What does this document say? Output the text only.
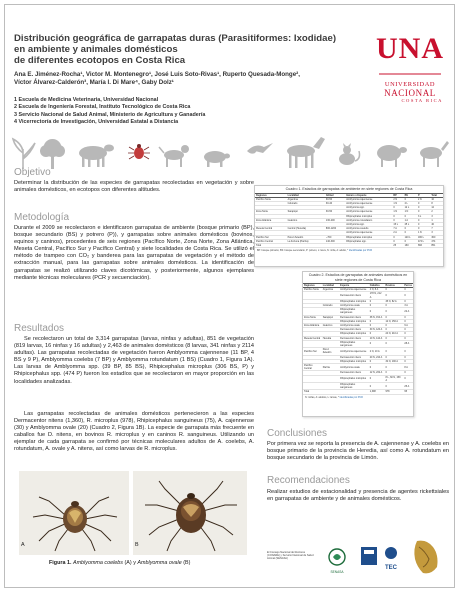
Distribución geográfica de garrapatas duras (Parasitiformes: Ixodidae)
en ambiente y animales domésticos
de diferentes ecotopos en Costa Rica
Ana E. Jiménez-Rocha¹, Victor M. Montenegro¹, José Luis Soto-Rivas¹, Ruperto Quesada-Monge²,
Víctor Álvarez-Calderón³, María I. Di Mare⁴, Gaby Dolz¹
1 Escuela de Medicina Veterinaria, Universidad Nacional
2 Escuela de Ingeniería Forestal, Instituto Tecnológico de Costa Rica
3 Servicio Nacional de Salud Animal, Ministerio de Agricultura y Ganadería
4 Vicerrectoría de Investigación, Universidad Estatal a Distancia
UNA
UNIVERSIDAD
NACIONAL
COSTA RICA
Objetivo
Determinar la distribución de las especies de garrapatas recolectadas en vegetación y sobre animales domésticos, en ecotopos con diferentes altitudes.
Metodología
Durante el 2009 se recolectaron e identificaron garrapatas de ambiente (bosque primario (BP), bosque secundario (BS) y potrero (P)), y garrapatas sobre animales domésticos (bovinos, equinos y caninos), procedentes de seis regiones (Pacífico Norte, Zona Norte, Zona Atlántica, Meseta Central, Pacífico Sur y Pacífico Central) y siete localidades de Costa Rica. Se utilizó el método de trampeo con CO₂ y banderea para las garrapatas de vegetación y el método de extracción manual, para las garrapatas sobre animales domésticos. La identificación de garrapatas se realizó utilizando claves dicotómicas, y posteriormente, algunos ejemplares mediante técnicas moleculares (PCR y secuenciación).
Resultados
Se recolectaron un total de 3,314 garrapatas (larvas, ninfas y adultas), 851 de vegetación (819 larvas, 16 ninfas y 16 adultas) y 2,463 de animales domésticos (8 larvas, 341 ninfas y 2114 adultas). Las garrapatas recolectadas de vegetación fueron Amblyomma cajennense (11 BP, 4 BS y 9 P), Amblyomma coelebs (7 BP) y Amblyomma rotundatum (1 BS) (Cuadro 1, Figura 1A). Las larvas de Amblyomma spp. (39 BP, 85 BS), Rhipicephalus microplus (306 BS, P) y Rhipicephalus spp. (474 P) fueron los estadíos que se recolectaron en mayor proporción en las localidades analizadas.
Las garrapatas recolectadas de animales domésticos pertenecieron a las especies Dermacentor nitens (1,360), R. microplus (978), Rhipicephalus sanguineus (75), A. cajennense (30) y Amblyomma ovale (20) (Cuadro 2, Figura 1B). La especie de garrapata más frecuente en caballos fue D. nitens, en bovinos R. microplus y en caninos R. sanguineus. Utilizando un ejemplar de cada garrapata se confirmó por técnicas moleculares adultos de A. coelebs, A. rotundatum, A. ovale y A. nitens, así como larvas de R. microplus.
A	B
Figura 1. Amblyomma coelebs (A) y Amblyomma ovale (B)
Cuadro 1. Estadíos de garrapatas de ambiente en siete regiones de Costa Rica
Regiones	Localidad	Altitud	Género o Especie	BP	BS	P	Total
Pacífico Norte	Argentina	30-50	Amblyomma cajennense	2 N	0	2 N	10
	Colorado	30-40	Amblyomma cajennense	1 N	2 L	0	8
			Amblyomma spp.	0	12 L	0	12
Zona Norte	Sarapiquí	30-50	Amblyomma cajennense	1 N	1 N	0	2
			Rhipicephalus microplus	0	0	3 L	3
Zona Atlántica	Guácimo	130-200	Amblyomma rotundatum	0	1 A	0	1
			Amblyomma spp.	15 L	25 L	0	40
Meseta Central	Central (Heredia)	800-1200	Amblyomma coelebs	7 A	0	0	7
			Amblyomma cajennense	2 A	0	1 N	3
Pacífico Sur	Pérez Zeledón	~700	Rhipicephalus microplus	0	120 L	180 L	300
Pacífico Central	La Fortuna (Parrita)	140-300	Rhipicephalus spp.	0	0	474 L	474
Total				25	160	666	851
BP: bosque primario, BS: bosque secundario, P: potrero, L: larva, N: ninfa, A: adulto, * Identificadas por PCR
Cuadro 2. Estadíos de garrapatas de animales domésticos en siete regiones de Costa Rica
Regiones	Localidad	Especie	Caballos	Bovinos	Perros
Pacífico Norte	Argentina	Amblyomma cajennense	4 N, 8 A	0	0
		Dermacentor nitens	178 N, 212 A	0	0
		Rhipicephalus microplus	0	45 N, 82 A	0
	Colorado	Amblyomma ovale	0	0	3 A
		Rhipicephalus sanguineus	0	0	22 A
Zona Norte	Sarapiquí	Dermacentor nitens	38 N, 154 A	0	0
		Rhipicephalus microplus	0	12 N, 156 A	0
Zona Atlántica	Guácimo	Amblyomma ovale	0	0	9 A
		Dermacentor nitens	30 N, 120 A	0	0
		Rhipicephalus microplus	0	24 N, 210 A	0
Meseta Central	Heredia	Dermacentor nitens	10 N, 144 A	0	0
		Rhipicephalus sanguineus	0	0	28 A
Pacífico Sur	Pérez Zeledón	Amblyomma cajennense	2 N, 10 A	0	0
		Dermacentor nitens	20 N, 210 A	0	0
		Rhipicephalus microplus	0	32 N, 190 A	0
Pacífico Central	Parrita	Amblyomma ovale	0	0	8 A
		Dermacentor nitens	12 N, 232 A	0	0
		Rhipicephalus microplus	0	8 L, 60 N, 159 A	0
		Rhipicephalus sanguineus	0	0	25 A
Total			1,398	978	95
N: ninfas, A: adultos, L: larvas, * Identificadas por PCR
Conclusiones
Por primera vez se reporta la presencia de A. cajennense y A. coelebs en bosque primario de la provincia de Heredia, así como A. rotundatum en bosque secundario de la provincia de Limón.
Recomendaciones
Realizar estudios de estacionalidad y presencia de agentes rickettsiales en garrapatas de ambiente y de animales domésticos.
El Consejo Nacional de Rectores (CONARE) y Servicio Nacional de Salud Animal (SENASA)
SENASA
TEC
